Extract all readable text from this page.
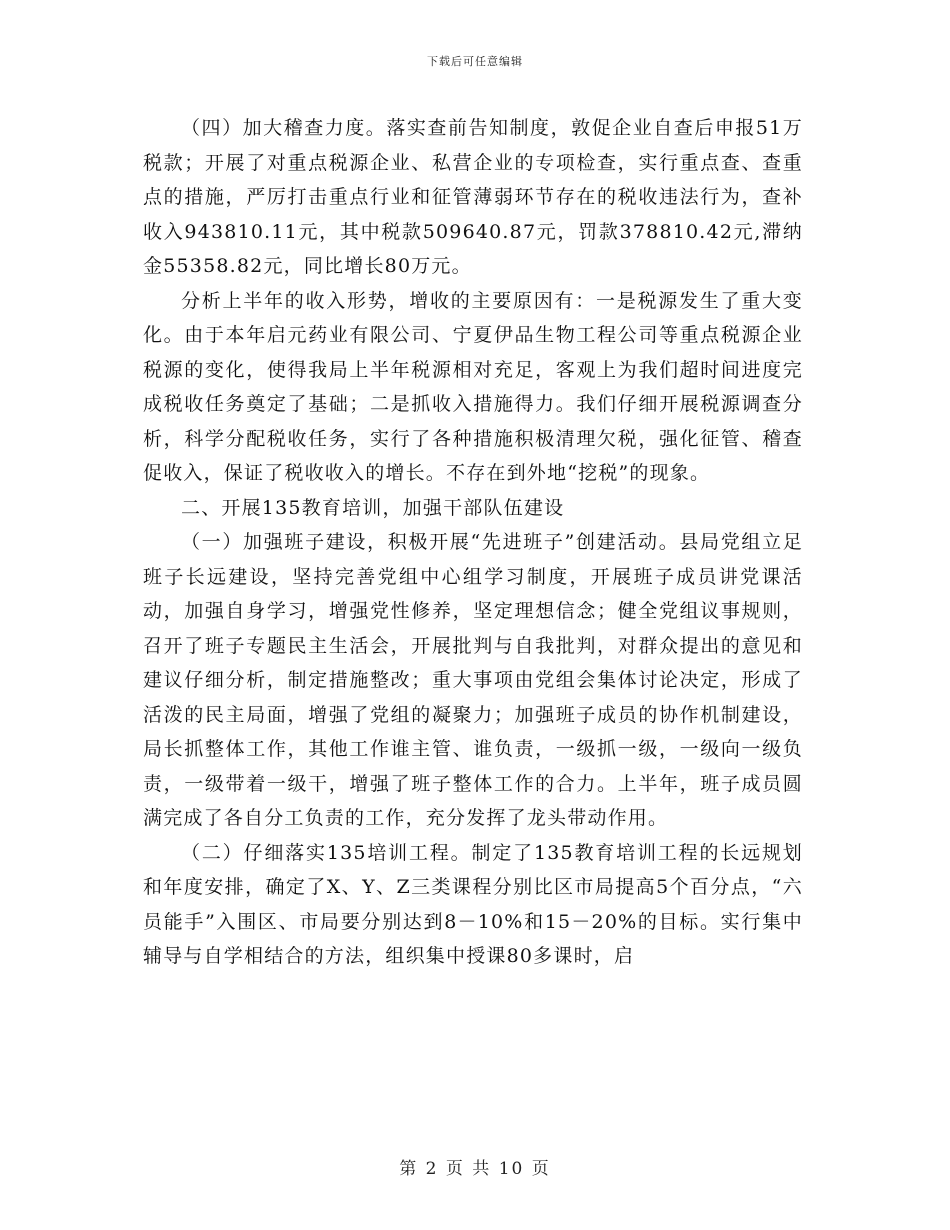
下载后可任意编辑

（四）加大稽查力度。落实查前告知制度，敦促企业自查后申报51万税款；开展了对重点税源企业、私营企业的专项检查，实行重点查、查重点的措施，严厉打击重点行业和征管薄弱环节存在的税收违法行为，查补收入943810.11元，其中税款509640.87元，罚款378810.42元,滞纳金55358.82元，同比增长80万元。

分析上半年的收入形势，增收的主要原因有：一是税源发生了重大变化。由于本年启元药业有限公司、宁夏伊品生物工程公司等重点税源企业税源的变化，使得我局上半年税源相对充足，客观上为我们超时间进度完成税收任务奠定了基础；二是抓收入措施得力。我们仔细开展税源调查分析，科学分配税收任务，实行了各种措施积极清理欠税，强化征管、稽查促收入，保证了税收收入的增长。不存在到外地“挖税”的现象。

二、开展135教育培训，加强干部队伍建设

（一）加强班子建设，积极开展“先进班子”创建活动。县局党组立足班子长远建设，坚持完善党组中心组学习制度，开展班子成员讲党课活动，加强自身学习，增强党性修养，坚定理想信念；健全党组议事规则，召开了班子专题民主生活会，开展批判与自我批判，对群众提出的意见和建议仔细分析，制定措施整改；重大事项由党组会集体讨论决定，形成了活泼的民主局面，增强了党组的凝聚力；加强班子成员的协作机制建设，局长抓整体工作，其他工作谁主管、谁负责，一级抓一级，一级向一级负责，一级带着一级干，增强了班子整体工作的合力。上半年，班子成员圆满完成了各自分工负责的工作，充分发挥了龙头带动作用。

（二）仔细落实135培训工程。制定了135教育培训工程的长远规划和年度安排，确定了X、Y、Z三类课程分别比区市局提高5个百分点，“六员能手”入围区、市局要分别达到8－10%和15－20%的目标。实行集中辅导与自学相结合的方法，组织集中授课80多课时，启

第 2 页 共 10 页
